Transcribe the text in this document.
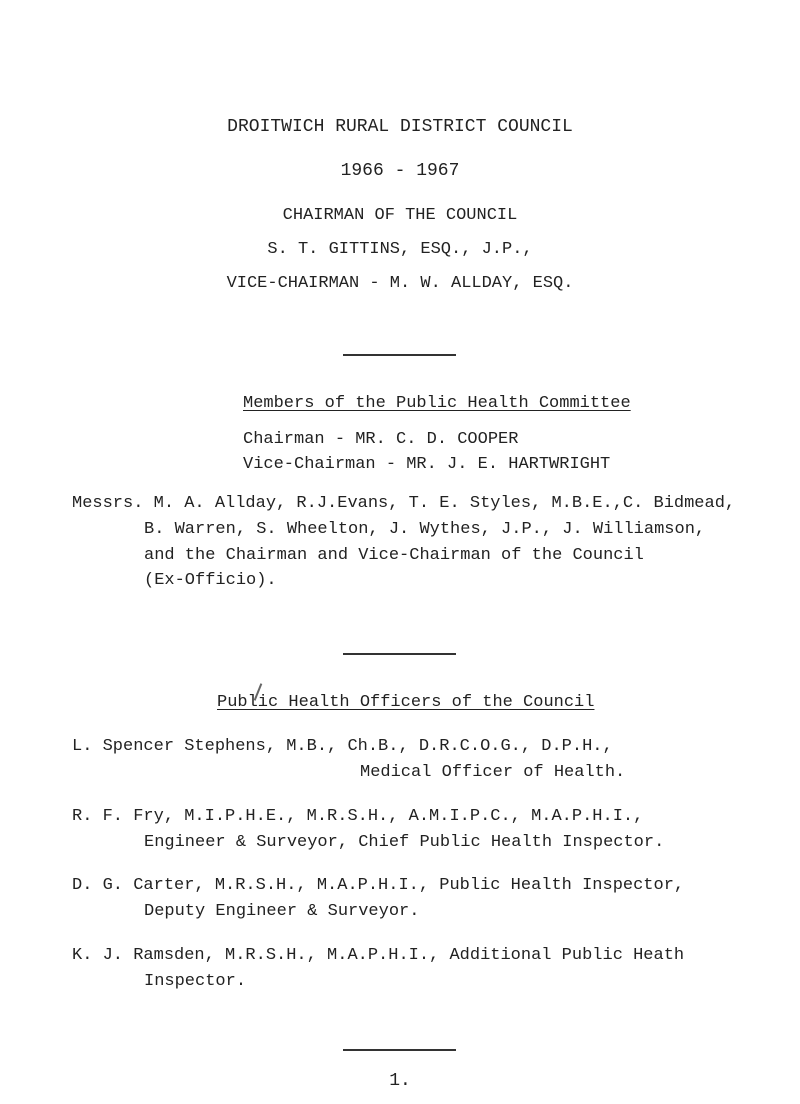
DROITWICH RURAL DISTRICT COUNCIL
1966 - 1967
CHAIRMAN OF THE COUNCIL
S. T. GITTINS, ESQ., J.P.,
VICE-CHAIRMAN - M. W. ALLDAY, ESQ.
Members of the Public Health Committee
Chairman - MR. C. D. COOPER
Vice-Chairman - MR. J. E. HARTWRIGHT
Messrs. M. A. Allday, R.J.Evans, T. E. Styles, M.B.E.,C. Bidmead,
B. Warren, S. Wheelton, J. Wythes, J.P., J. Williamson,
and the Chairman and Vice-Chairman of the Council
(Ex-Officio).
Public Health Officers of the Council
L. Spencer Stephens, M.B., Ch.B., D.R.C.O.G., D.P.H.,
Medical Officer of Health.
R. F. Fry, M.I.P.H.E., M.R.S.H., A.M.I.P.C., M.A.P.H.I.,
Engineer & Surveyor, Chief Public Health Inspector.
D. G. Carter, M.R.S.H., M.A.P.H.I., Public Health Inspector,
Deputy Engineer & Surveyor.
K. J. Ramsden, M.R.S.H., M.A.P.H.I., Additional Public Heath
Inspector.
1.
